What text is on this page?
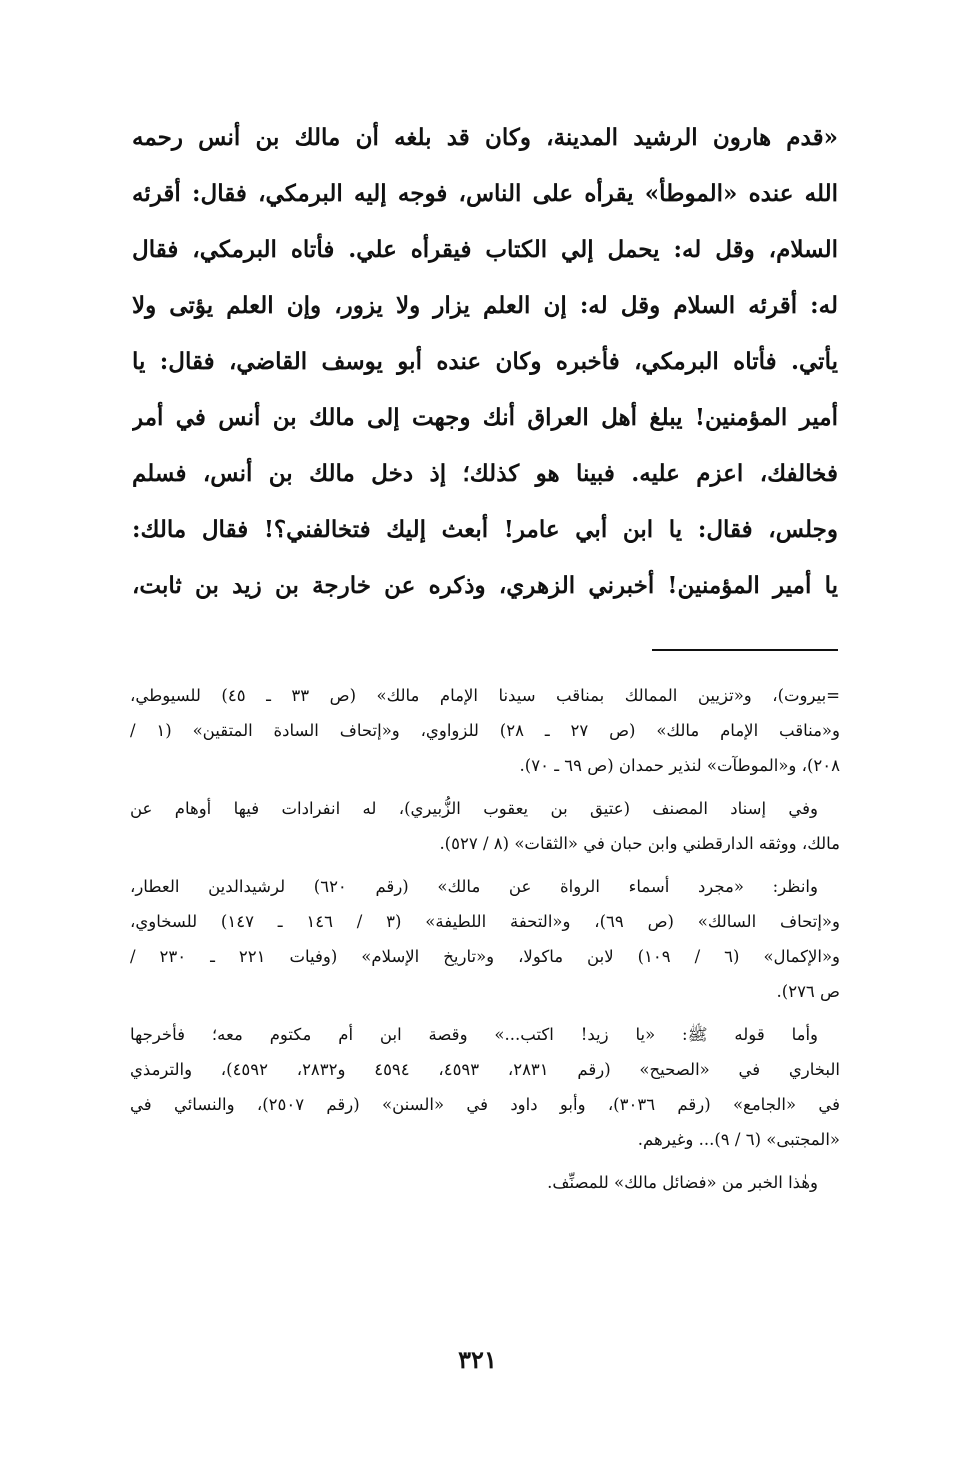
«قدم هارون الرشيد المدينة، وكان قد بلغه أن مالك بن أنس رحمه
الله عنده «الموطأ» يقرأه على الناس، فوجه إليه البرمكي، فقال: أقرئه
السلام، وقل له: يحمل إلي الكتاب فيقرأه علي. فأتاه البرمكي، فقال
له: أقرئه السلام وقل له: إن العلم يزار ولا يزور، وإن العلم يؤتى ولا
يأتي. فأتاه البرمكي، فأخبره وكان عنده أبو يوسف القاضي، فقال: يا
أمير المؤمنين! يبلغ أهل العراق أنك وجهت إلى مالك بن أنس في أمر
فخالفك، اعزم عليه. فبينا هو كذلك؛ إذ دخل مالك بن أنس، فسلم
وجلس، فقال: يا ابن أبي عامر! أبعث إليك فتخالفني؟! فقال مالك:
يا أمير المؤمنين! أخبرني الزهري، وذكره عن خارجة بن زيد بن ثابت،
=بيروت)، و«تزيين الممالك بمناقب سيدنا الإمام مالك» (ص ٣٣ ـ ٤٥) للسيوطي،
و«مناقب الإمام مالك» (ص ٢٧ ـ ٢٨) للزواوي، و«إتحاف السادة المتقين» (١ /
٢٠٨)، و«الموطآت» لنذير حمدان (ص ٦٩ ـ ٧٠).
وفي إسناد المصنف (عتيق بن يعقوب الزُّبيري)، له انفرادات فيها أوهام عن
مالك، ووثقه الدارقطني وابن حبان في «الثقات» (٨ / ٥٢٧).
وانظر: «مجرد أسماء الرواة عن مالك» (رقم ٦٢٠) لرشيدالدين العطار،
و«إتحاف السالك» (ص ٦٩)، و«التحفة اللطيفة» (٣ / ١٤٦ ـ ١٤٧) للسخاوي،
و«الإكمال» (٦ / ١٠٩) لابن ماكولا، و«تاريخ الإسلام» (وفيات ٢٢١ ـ ٢٣٠ /
ص ٢٧٦).
وأما قوله ﷺ: «يا زيد! اكتب...» وقصة ابن أم مكتوم معه؛ فأخرجها
البخاري في «الصحيح» (رقم ٢٨٣١، ٤٥٩٣، ٤٥٩٤ و٢٨٣٢، ٤٥٩٢)، والترمذي
في «الجامع» (رقم ٣٠٣٦)، وأبو داود في «السنن» (رقم ٢٥٠٧)، والنسائي في
«المجتبى» (٦ / ٩)... وغيرهم.
وهٰذا الخبر من «فضائل مالك» للمصنِّف.
٣٢١
